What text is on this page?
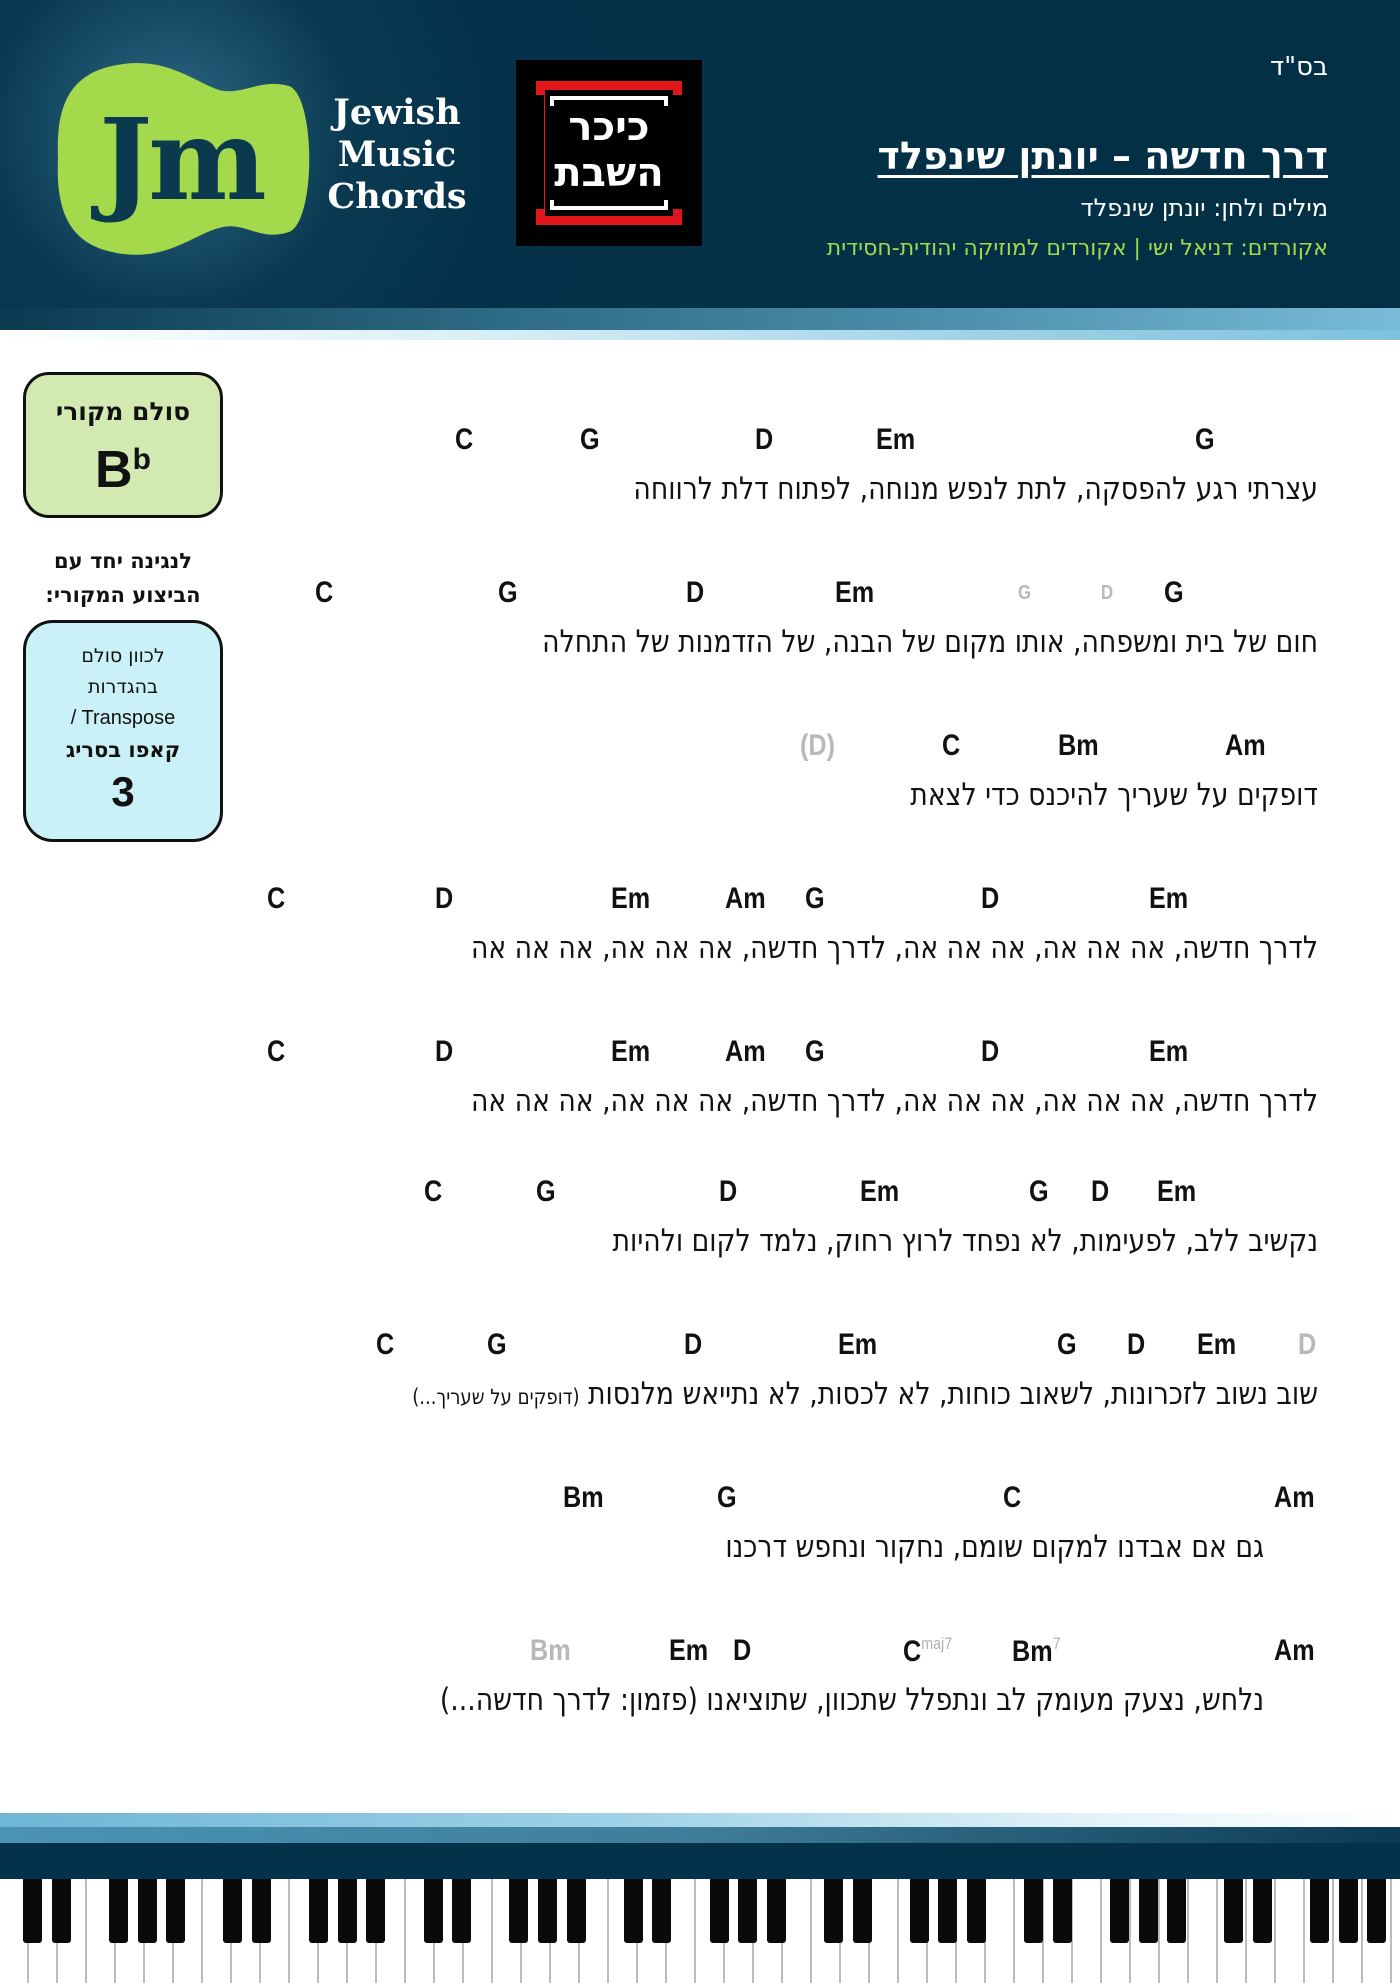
Jm	Jewish
Music
Chords
כיכר
השבת
בס"ד
דרך חדשה – יונתן שינפלד
מילים ולחן: יונתן שינפלד
אקורדים: דניאל ישי | אקורדים למוזיקה יהודית-חסידית
סולם מקורי
$B^b$
לנגינה יחד עם
הביצוע המקורי:
לכוון סולם
בהגדרות
/ Transpose
קאפו בסריג
3
C	G	D	Em	G
עצרתי רגע להפסקה, לתת לנפש מנוחה, לפתוח דלת לרווחה
C	G	D	Em	G	D G
חום של בית ומשפחה, אותו מקום של הבנה, של הזדמנות של התחלה
(D)	C	Bm	Am
דופקים על שעריך להיכנס כדי לצאת
C	D	Em Am G	D	Em
לדרך חדשה, אה אה אה, אה אה אה, לדרך חדשה, אה אה אה, אה אה אה
C	D	Em Am G	D	Em
לדרך חדשה, אה אה אה, אה אה אה, לדרך חדשה, אה אה אה, אה אה אה
C	G	D	Em	G D Em
נקשיב ללב, לפעימות, לא נפחד לרוץ רחוק, נלמד לקום ולהיות
C	G	D	Em	G D Em D
שוב נשוב לזכרונות, לשאוב כוחות, לא לכסות, לא נתייאש מלנסות (דופקים על שעריך...)
Bm	G	C	Am
גם אם אבדנו למקום שומם, נחקור ונחפש דרכנו
Bm	Em D	$C^{maj7}$ Bm$^7$	Am
נלחש, נצעק מעומק לב ונתפלל שתכוון, שתוציאנו (פזמון: לדרך חדשה...)
